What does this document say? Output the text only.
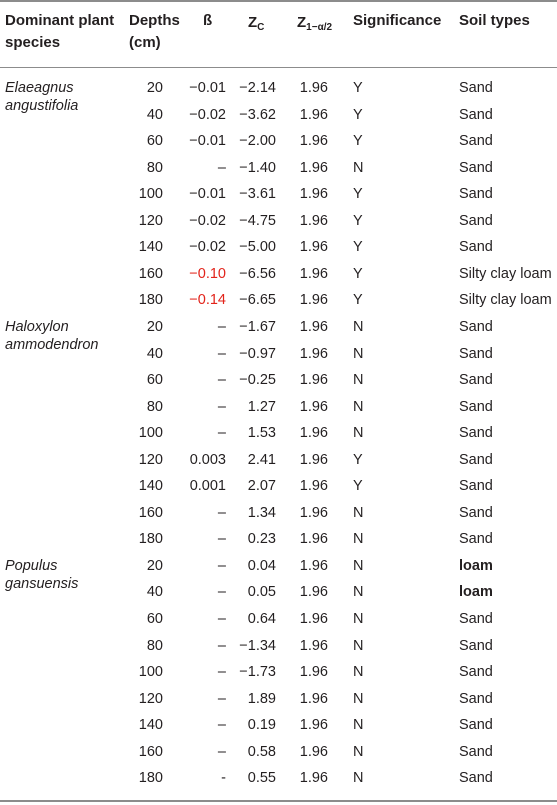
Dominant plant species
Depths (cm)
ß $Z_C$ $Z_{1-\alpha/2}$ Significance Soil types
Elaeagnus angustifolia
20 −0.01 −2.14 1.96 Y	Sand
40 −0.02 −3.62 1.96 Y	Sand
60 −0.01 −2.00 1.96 Y	Sand
80	– −1.40 1.96 N	Sand
100 −0.01 −3.61 1.96 Y	Sand
120 −0.02 −4.75 1.96 Y	Sand
140 −0.02 −5.00 1.96 Y	Sand
160 −0.10 −6.56 1.96 Y	Silty clay loam
180 −0.14 −6.65 1.96 Y	Silty clay loam
Haloxylon ammodendron
20	– −1.67 1.96 N	Sand
40	– −0.97 1.96 N	Sand
60	– −0.25 1.96 N	Sand
80	– 1.27 1.96 N	Sand
100	– 1.53 1.96 N	Sand
120 0.003 2.41 1.96 Y	Sand
140 0.001 2.07 1.96 Y	Sand
160	– 1.34 1.96 N	Sand
180	– 0.23 1.96 N	Sand
Populus gansuensis
20	– 0.04 1.96 N	loam
40	– 0.05 1.96 N	loam
60	– 0.64 1.96 N	Sand
80	– −1.34 1.96 N	Sand
100	– −1.73 1.96 N	Sand
120	– 1.89 1.96 N	Sand
140	– 0.19 1.96 N	Sand
160	– 0.58 1.96 N	Sand
180	- 0.55 1.96 N	Sand
